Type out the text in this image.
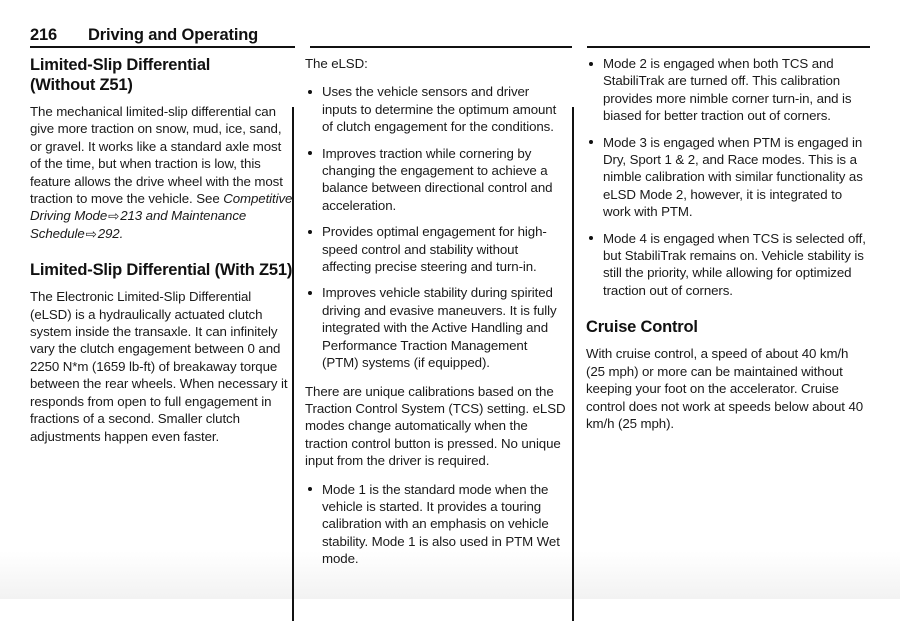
216	Driving and Operating
Limited-Slip Differential
(Without Z51)

The mechanical limited-slip differential can give more traction on snow, mud, ice, sand, or gravel. It works like a standard axle most of the time, but when traction is low, this feature allows the drive wheel with the most traction to move the vehicle. See Competitive Driving Mode⇨213 and Maintenance Schedule⇨292.

Limited-Slip Differential (With Z51)

The Electronic Limited-Slip Differential (eLSD) is a hydraulically actuated clutch system inside the transaxle. It can infinitely vary the clutch engagement between 0 and 2250 N*m (1659 lb-ft) of breakaway torque between the rear wheels. When necessary it responds from open to full engagement in fractions of a second. Smaller clutch adjustments happen even faster.

The eLSD:

Uses the vehicle sensors and driver inputs to determine the optimum amount of clutch engagement for the conditions.
Improves traction while cornering by changing the engagement to achieve a balance between directional control and acceleration.
Provides optimal engagement for high-speed control and stability without affecting precise steering and turn-in.
Improves vehicle stability during spirited driving and evasive maneuvers. It is fully integrated with the Active Handling and Performance Traction Management (PTM) systems (if equipped).

There are unique calibrations based on the Traction Control System (TCS) setting. eLSD modes change automatically when the traction control button is pressed. No unique input from the driver is required.

Mode 1 is the standard mode when the vehicle is started. It provides a touring calibration with an emphasis on vehicle stability. Mode 1 is also used in PTM Wet mode.
Mode 2 is engaged when both TCS and StabiliTrak are turned off. This calibration provides more nimble corner turn-in, and is biased for better traction out of corners.
Mode 3 is engaged when PTM is engaged in Dry, Sport 1 & 2, and Race modes. This is a nimble calibration with similar functionality as eLSD Mode 2, however, it is integrated to work with PTM.
Mode 4 is engaged when TCS is selected off, but StabiliTrak remains on. Vehicle stability is still the priority, while allowing for optimized traction out of corners.
Cruise Control

With cruise control, a speed of about 40 km/h (25 mph) or more can be maintained without keeping your foot on the accelerator. Cruise control does not work at speeds below about 40 km/h (25 mph).
